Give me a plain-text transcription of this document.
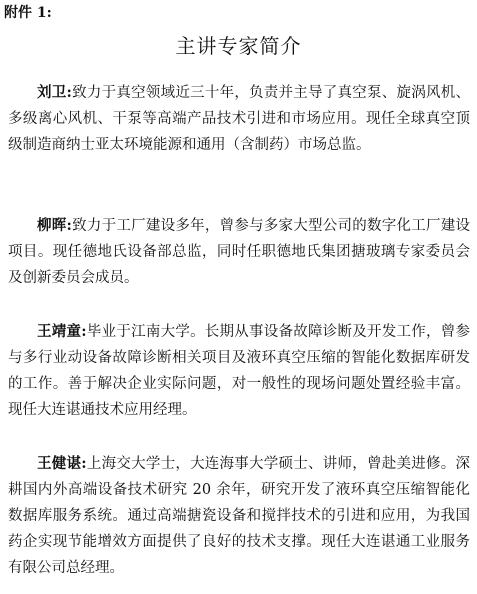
附件 1:
主讲专家简介

刘卫:致力于真空领域近三十年，负责并主导了真空泵、旋涡风机、多级离心风机、干泵等高端产品技术引进和市场应用。现任全球真空顶级制造商纳士亚太环境能源和通用（含制药）市场总监。

柳晖:致力于工厂建设多年，曾参与多家大型公司的数字化工厂建设项目。现任德地氏设备部总监，同时任职德地氏集团搪玻璃专家委员会及创新委员会成员。

王靖童:毕业于江南大学。长期从事设备故障诊断及开发工作，曾参与多行业动设备故障诊断相关项目及液环真空压缩的智能化数据库研发的工作。善于解决企业实际问题，对一般性的现场问题处置经验丰富。现任大连谌通技术应用经理。

王健谌:上海交大学士，大连海事大学硕士、讲师，曾赴美进修。深耕国内外高端设备技术研究 20 余年，研究开发了液环真空压缩智能化数据库服务系统。通过高端搪瓷设备和搅拌技术的引进和应用，为我国药企实现节能增效方面提供了良好的技术支撑。现任大连谌通工业服务有限公司总经理。
